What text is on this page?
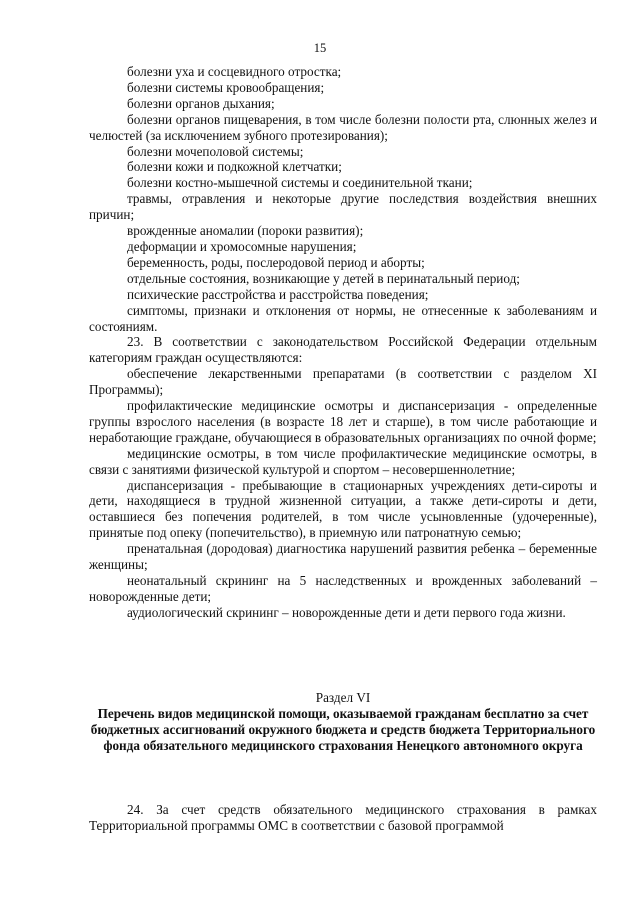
15

болезни уха и сосцевидного отростка;

болезни системы кровообращения;

болезни органов дыхания;

болезни органов пищеварения, в том числе болезни полости рта, слюнных желез и челюстей (за исключением зубного протезирования);

болезни мочеполовой системы;

болезни кожи и подкожной клетчатки;

болезни костно-мышечной системы и соединительной ткани;

травмы, отравления и некоторые другие последствия воздействия внешних причин;

врожденные аномалии (пороки развития);

деформации и хромосомные нарушения;

беременность, роды, послеродовой период и аборты;

отдельные состояния, возникающие у детей в перинатальный период;

психические расстройства и расстройства поведения;

симптомы, признаки и отклонения от нормы, не отнесенные к заболеваниям и состояниям.

23. В соответствии с законодательством Российской Федерации отдельным категориям граждан осуществляются:

обеспечение лекарственными препаратами (в соответствии с разделом XI Программы);

профилактические медицинские осмотры и диспансеризация - определенные группы взрослого населения (в возрасте 18 лет и старше), в том числе работающие и неработающие граждане, обучающиеся в образовательных организациях по очной форме;

медицинские осмотры, в том числе профилактические медицинские осмотры, в связи с занятиями физической культурой и спортом – несовершеннолетние;

диспансеризация - пребывающие в стационарных учреждениях дети-сироты и дети, находящиеся в трудной жизненной ситуации, а также дети-сироты и дети, оставшиеся без попечения родителей, в том числе усыновленные (удочеренные), принятые под опеку (попечительство), в приемную или патронатную семью;

пренатальная (дородовая) диагностика нарушений развития ребенка – беременные женщины;

неонатальный скрининг на 5 наследственных и врожденных заболеваний – новорожденные дети;

аудиологический скрининг – новорожденные дети и дети первого года жизни.

Раздел VI

Перечень видов медицинской помощи, оказываемой гражданам бесплатно за счет бюджетных ассигнований окружного бюджета и средств бюджета Территориального фонда обязательного медицинского страхования Ненецкого автономного округа

24. За счет средств обязательного медицинского страхования в рамках Территориальной программы ОМС в соответствии с базовой программой
